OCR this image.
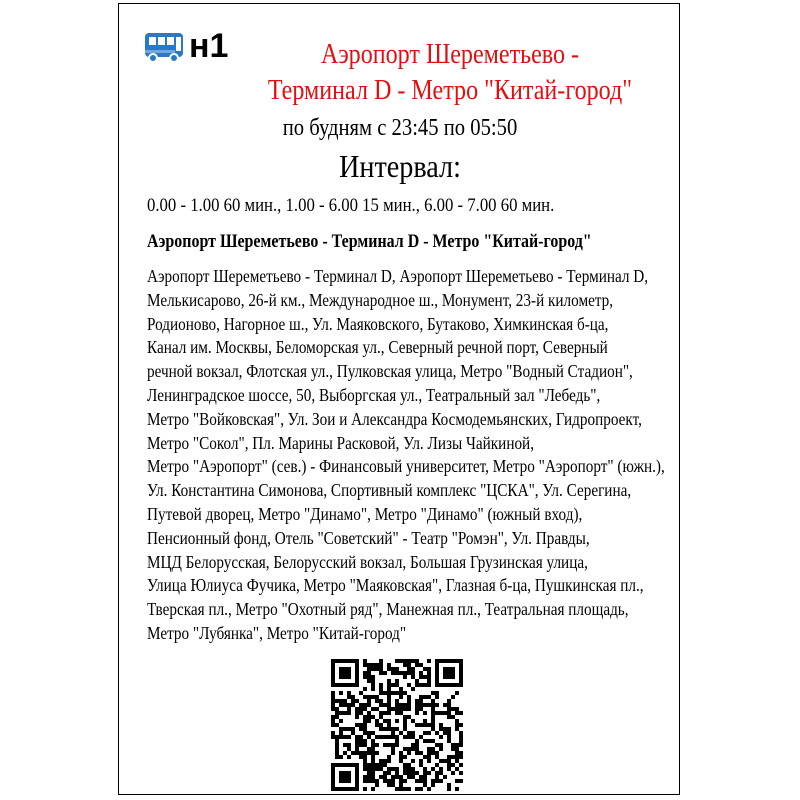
н1	Аэропорт Шереметьево -
Терминал D - Метро "Китай-город"
по будням с 23:45 по 05:50
Интервал:
0.00 - 1.00 60 мин., 1.00 - 6.00 15 мин., 6.00 - 7.00 60 мин.
Аэропорт Шереметьево - Терминал D - Метро "Китай-город"
Аэропорт Шереметьево - Терминал D, Аэропорт Шереметьево - Терминал D,
Мелькисарово, 26-й км., Международное ш., Монумент, 23-й километр,
Родионово, Нагорное ш., Ул. Маяковского, Бутаково, Химкинская б-ца,
Канал им. Москвы, Беломорская ул., Северный речной порт, Северный
речной вокзал, Флотская ул., Пулковская улица, Метро "Водный Стадион",
Ленинградское шоссе, 50, Выборгская ул., Театральный зал "Лебедь",
Метро "Войковская", Ул. Зои и Александра Космодемьянских, Гидропроект,
Метро "Сокол", Пл. Марины Расковой, Ул. Лизы Чайкиной,
Метро "Аэропорт" (сев.) - Финансовый университет, Метро "Аэропорт" (южн.),
Ул. Константина Симонова, Спортивный комплекс "ЦСКА", Ул. Серегина,
Путевой дворец, Метро "Динамо", Метро "Динамо" (южный вход),
Пенсионный фонд, Отель "Советский" - Театр "Ромэн", Ул. Правды,
МЦД Белорусская, Белорусский вокзал, Большая Грузинская улица,
Улица Юлиуса Фучика, Метро "Маяковская", Глазная б-ца, Пушкинская пл.,
Тверская пл., Метро "Охотный ряд", Манежная пл., Театральная площадь,
Метро "Лубянка", Метро "Китай-город"
